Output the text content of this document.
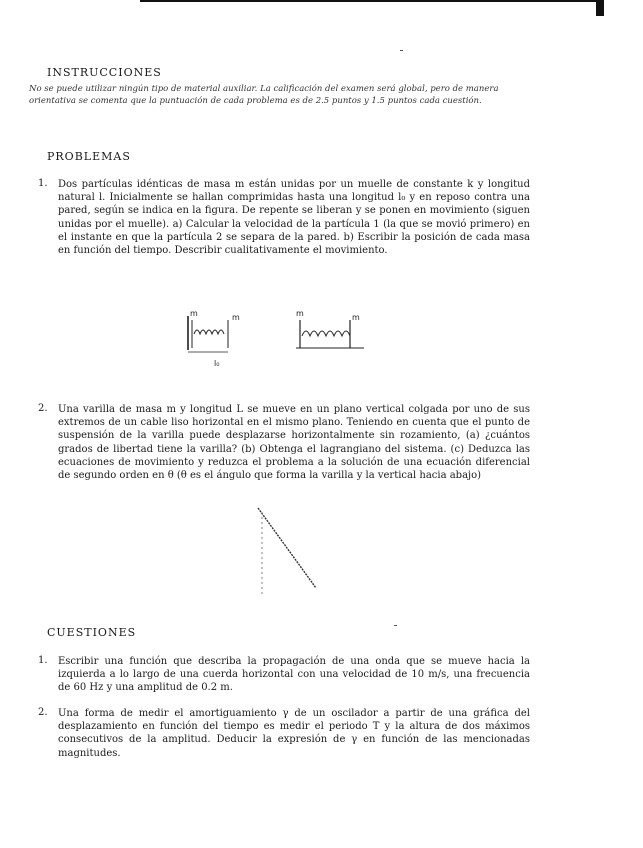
INSTRUCCIONES
No se puede utilizar ningún tipo de material auxiliar. La calificación del examen será global, pero de manera orientativa se comenta que la puntuación de cada problema es de 2.5 puntos y 1.5 puntos cada cuestión.
PROBLEMAS
1. Dos partículas idénticas de masa m están unidas por un muelle de constante k y longitud natural l. Inicialmente se hallan comprimidas hasta una longitud l₀ y en reposo contra una pared, según se indica en la figura. De repente se liberan y se ponen en movimiento (siguen unidas por el muelle). a) Calcular la velocidad de la partícula 1 (la que se movió primero) en el instante en que la partícula 2 se separa de la pared. b) Escribir la posición de cada masa en función del tiempo. Describir cualitativamente el movimiento.
m	m
l₀
m	m
2. Una varilla de masa m y longitud L se mueve en un plano vertical colgada por uno de sus extremos de un cable liso horizontal en el mismo plano. Teniendo en cuenta que el punto de suspensión de la varilla puede desplazarse horizontalmente sin rozamiento, (a) ¿cuántos grados de libertad tiene la varilla? (b) Obtenga el lagrangiano del sistema. (c) Deduzca las ecuaciones de movimiento y reduzca el problema a la solución de una ecuación diferencial de segundo orden en θ (θ es el ángulo que forma la varilla y la vertical hacia abajo)
CUESTIONES
1. Escribir una función que describa la propagación de una onda que se mueve hacia la izquierda a lo largo de una cuerda horizontal con una velocidad de 10 m/s, una frecuencia de 60 Hz y una amplitud de 0.2 m.
2. Una forma de medir el amortiguamiento γ de un oscilador a partir de una gráfica del desplazamiento en función del tiempo es medir el periodo T y la altura de dos máximos consecutivos de la amplitud. Deducir la expresión de γ en función de las mencionadas magnitudes.
